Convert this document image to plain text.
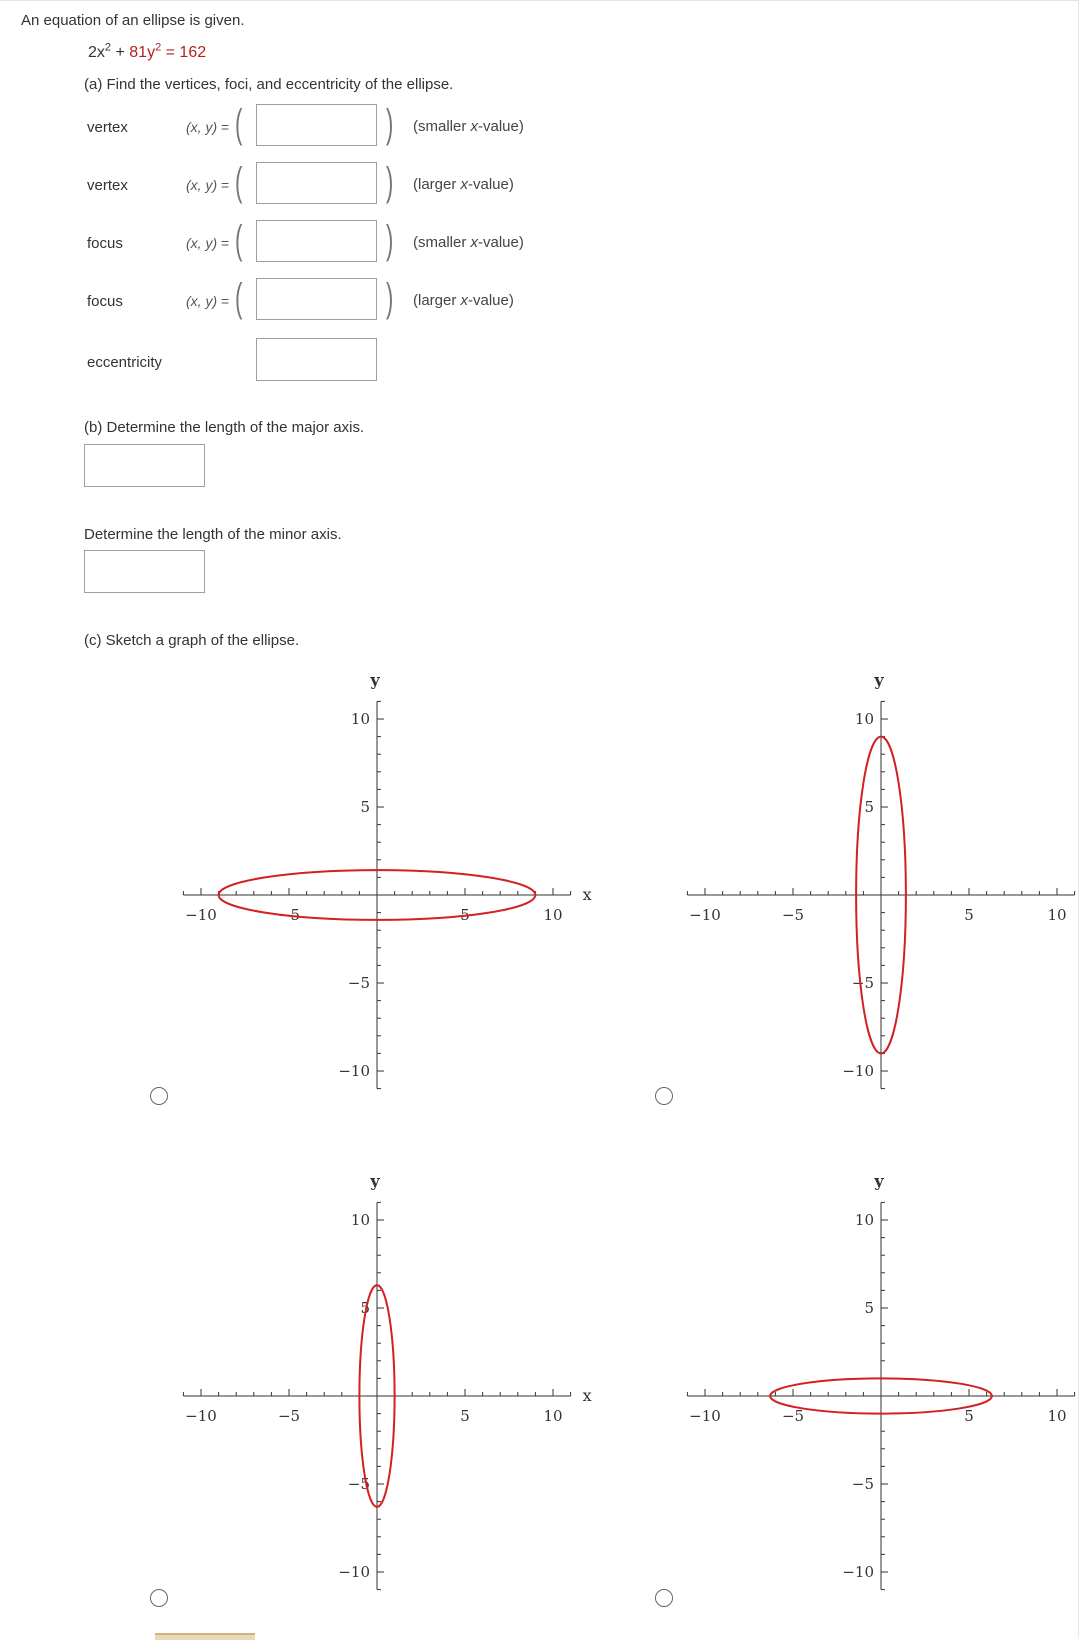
An equation of an ellipse is given.
$2x^2 + 81y^2 = 162$
(a) Find the vertices, foci, and eccentricity of the ellipse.
vertex	(x, y) = (	) (smaller x-value)
vertex	(x, y) = (	) (larger x-value)
focus	(x, y) = (	) (smaller x-value)
focus	(x, y) = (	) (larger x-value)
eccentricity
(b) Determine the length of the major axis.
Determine the length of the minor axis.
(c) Sketch a graph of the ellipse.
−10	−5	5	10
10
5
−5
−10
x
y
−10	−5	5	10
10
5
−5
−10
y
−10	−5	5	10
10
5
−5
−10
x
y
−10	−5	5	10
10
5
−5
−10
y
